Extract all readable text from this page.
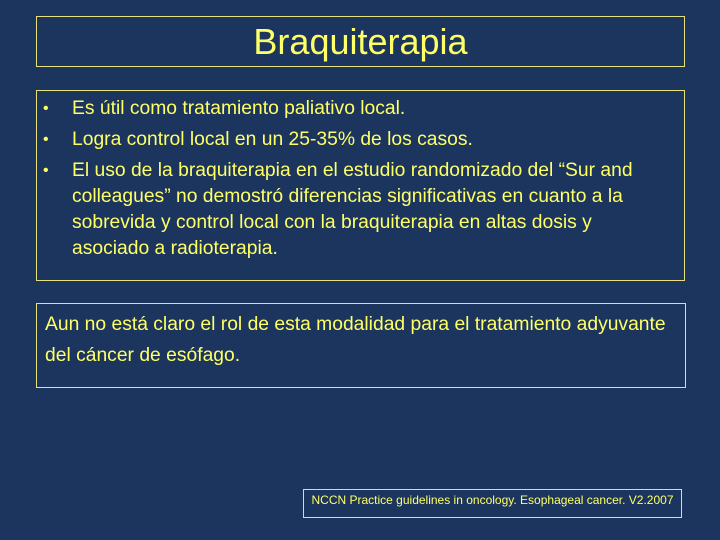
Braquiterapia
•	Es útil como tratamiento paliativo local.
•	Logra control local en un 25-35% de los casos.
•	El uso de la braquiterapia en el estudio randomizado del “Sur and colleagues” no demostró diferencias significativas en cuanto a la sobrevida y control local con la braquiterapia en altas dosis y asociado a radioterapia.
Aun no está claro el rol de esta modalidad para el tratamiento adyuvante del cáncer de esófago.
NCCN Practice guidelines in oncology. Esophageal cancer. V2.2007
